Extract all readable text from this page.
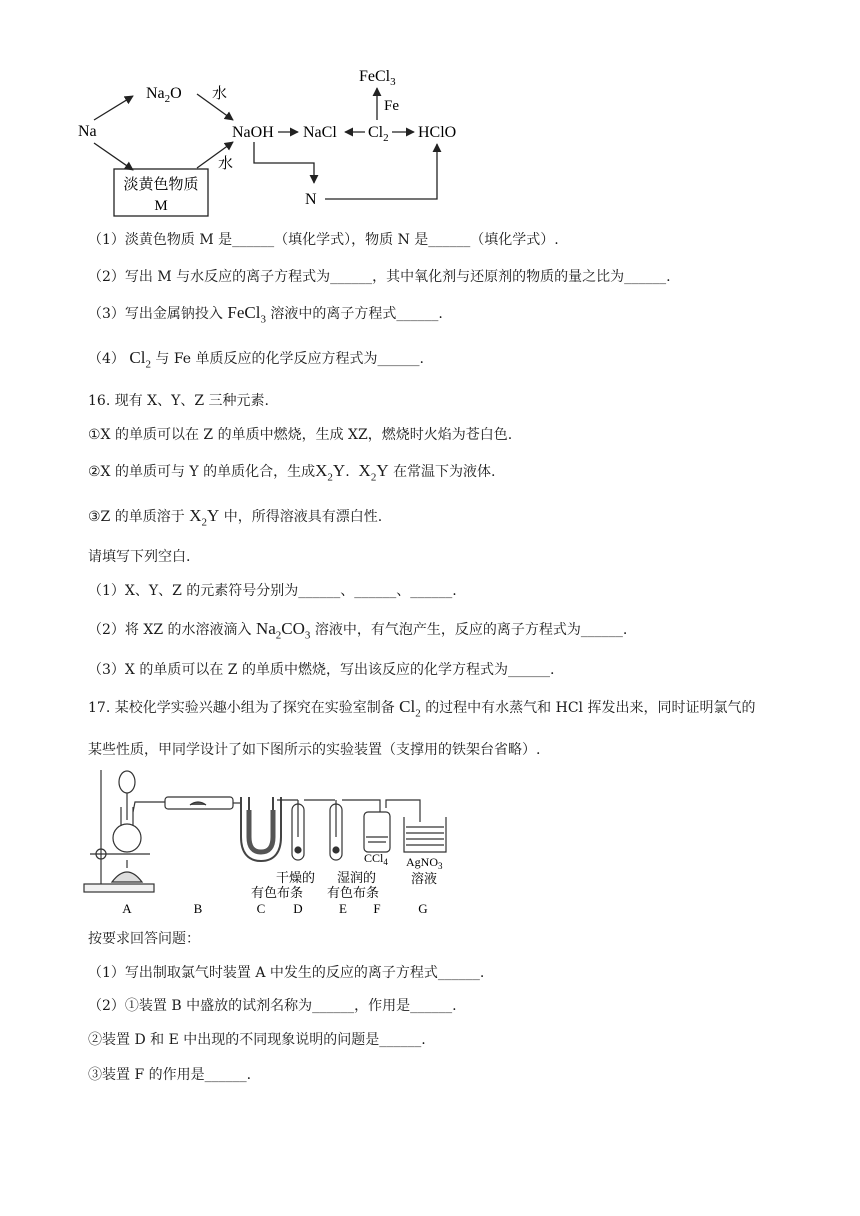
Na
$Na_2O$ 水
水
淡黄色物质
M
NaOH NaCl $Cl_2$ HClO
Fe
FeCl$_3$
N
（1）淡黄色物质 M 是______（填化学式），物质 N 是______（填化学式）.
（2）写出 M 与水反应的离子方程式为______，其中氧化剂与还原剂的物质的量之比为______.
（3）写出金属钠投入 FeCl$_3$ 溶液中的离子方程式______.
（4） $Cl_2$ 与 Fe 单质反应的化学反应方程式为______.
16. 现有 X、Y、Z 三种元素.
①X 的单质可以在 Z 的单质中燃烧，生成 XZ，燃烧时火焰为苍白色.
②X 的单质可与 Y 的单质化合，生成$X_2Y$. $X_2Y$ 在常温下为液体.
③Z 的单质溶于 $X_2Y$ 中，所得溶液具有漂白性.
请填写下列空白.
（1）X、Y、Z 的元素符号分别为______、______、______.
（2）将 XZ 的水溶液滴入 $Na_2CO_3$ 溶液中，有气泡产生，反应的离子方程式为______.
（3）X 的单质可以在 Z 的单质中燃烧，写出该反应的化学方程式为______.
17. 某校化学实验兴趣小组为了探究在实验室制备 $Cl_2$ 的过程中有水蒸气和 HCl 挥发出来，同时证明氯气的
某些性质，甲同学设计了如下图所示的实验装置（支撑用的铁架台省略）.
干燥的
有色布条
湿润的
有色布条
CCl$_4$ AgNO$_3$
溶液
A	B	C D	E F	G
按要求回答问题：
（1）写出制取氯气时装置 A 中发生的反应的离子方程式______.
（2）①装置 B 中盛放的试剂名称为______，作用是______.
②装置 D 和 E 中出现的不同现象说明的问题是______.
③装置 F 的作用是______.
